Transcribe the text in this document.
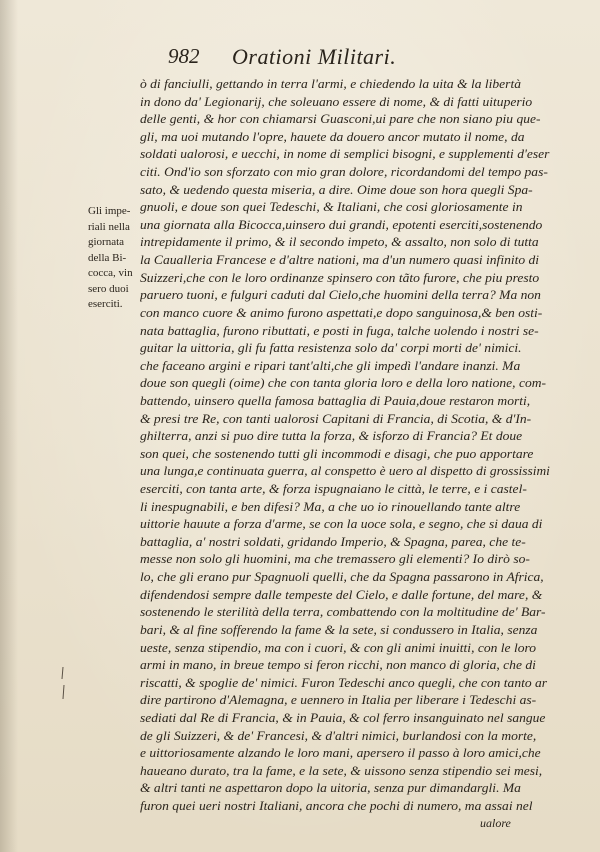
982 Orationi Militari.
Gli impe-
riali nella
giornata
della Bi-
cocca, vin
sero duoi
eserciti.
ò di fanciulli, gettando in terra l'armi, e chiedendo la uita & la libertà
in dono da' Legionarij, che soleuano essere di nome, & di fatti uituperio
delle genti, & hor con chiamarsi Guasconi,ui pare che non siano piu que-
gli, ma uoi mutando l'opre, hauete da douero ancor mutato il nome, da
soldati ualorosi, e uecchi, in nome di semplici bisogni, e supplementi d'eser
citi. Ond'io son sforzato con mio gran dolore, ricordandomi del tempo pas-
sato, & uedendo questa miseria, a dire. Oime doue son hora quegli Spa-
gnuoli, e doue son quei Tedeschi, & Italiani, che cosi gloriosamente in
una giornata alla Bicocca,uinsero dui grandi, epotenti eserciti,sostenendo
intrepidamente il primo, & il secondo impeto, & assalto, non solo di tutta
la Caualleria Francese e d'altre nationi, ma d'un numero quasi infinito di
Suizzeri,che con le loro ordinanze spinsero con tãto furore, che piu presto
paruero tuoni, e fulguri caduti dal Cielo,che huomini della terra? Ma non
con manco cuore & animo furono aspettati,e dopo sanguinosa,& ben osti-
nata battaglia, furono ributtati, e posti in fuga, talche uolendo i nostri se-
guitar la uittoria, gli fu fatta resistenza solo da' corpi morti de' nimici.
che faceano argini e ripari tant'alti,che gli impedì l'andare inanzi. Ma
doue son quegli (oime) che con tanta gloria loro e della loro natione, com-
battendo, uinsero quella famosa battaglia di Pauia,doue restaron morti,
& presi tre Re, con tanti ualorosi Capitani di Francia, di Scotia, & d'In-
ghilterra, anzi si puo dire tutta la forza, & isforzo di Francia? Et doue
son quei, che sostenendo tutti gli incommodi e disagi, che puo apportare
una lunga,e continuata guerra, al conspetto è uero al dispetto di grossissimi
eserciti, con tanta arte, & forza ispugnaiano le città, le terre, e i castel-
li inespugnabili, e ben difesi? Ma, a che uo io rinouellando tante altre
uittorie hauute a forza d'arme, se con la uoce sola, e segno, che si daua di
battaglia, a' nostri soldati, gridando Imperio, & Spagna, parea, che te-
messe non solo gli huomini, ma che tremassero gli elementi? Io dirò so-
lo, che gli erano pur Spagnuoli quelli, che da Spagna passarono in Africa,
difendendosi sempre dalle tempeste del Cielo, e dalle fortune, del mare, &
sostenendo le sterilità della terra, combattendo con la moltitudine de' Bar-
bari, & al fine sofferendo la fame & la sete, si condussero in Italia, senza
ueste, senza stipendio, ma con i cuori, & con gli animi inuitti, con le loro
armi in mano, in breue tempo si feron ricchi, non manco di gloria, che di
riscatti, & spoglie de' nimici. Furon Tedeschi anco quegli, che con tanto ar
dire partirono d'Alemagna, e uennero in Italia per liberare i Tedeschi as-
sediati dal Re di Francia, & in Pauia, & col ferro insanguinato nel sangue
de gli Suizzeri, & de' Francesi, & d'altri nimici, burlandosi con la morte,
e uittoriosamente alzando le loro mani, apersero il passo à loro amici,che
haueano durato, tra la fame, e la sete, & uissono senza stipendio sei mesi,
& altri tanti ne aspettaron dopo la uitoria, senza pur dimandargli. Ma
furon quei ueri nostri Italiani, ancora che pochi di numero, ma assai nel
ualore
